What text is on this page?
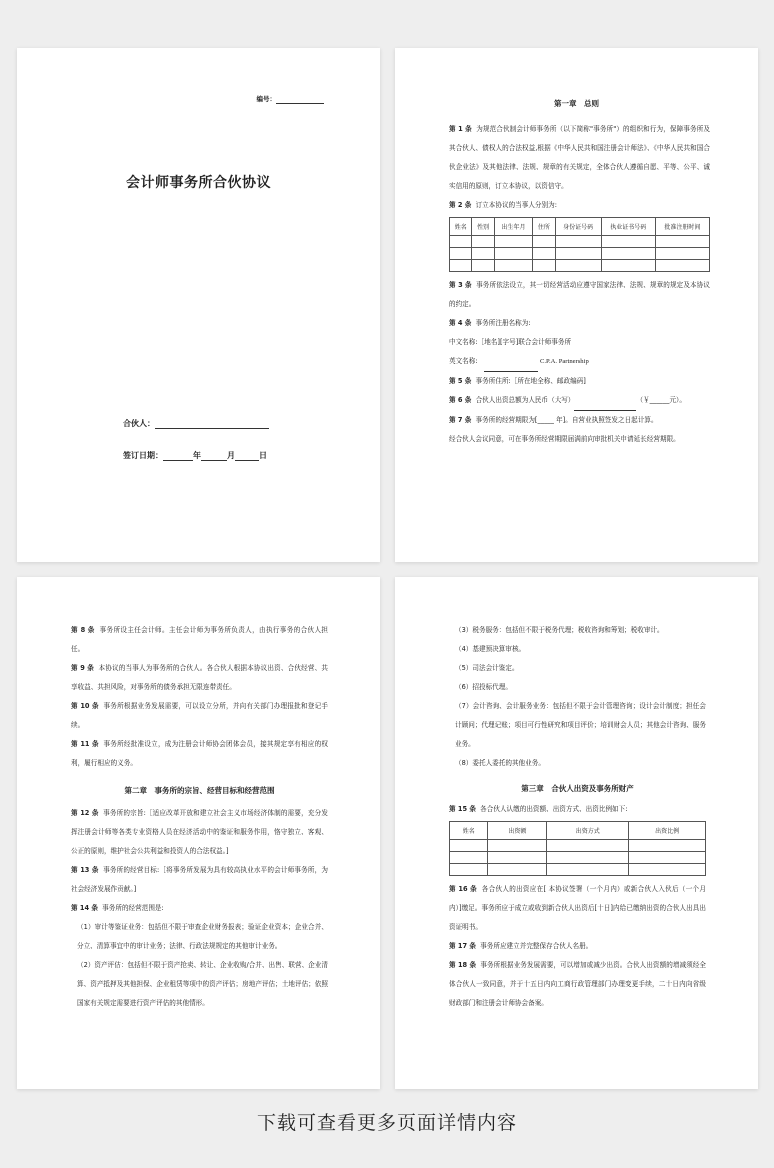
编号：
会计师事务所合伙协议
合伙人：
签订日期：	年	月	日
第一章　总则

第 1 条 为规范合伙制会计师事务所（以下简称"事务所"）的组织和行为，保障事务所及其合伙人、债权人的合法权益,根据《中华人民共和国注册会计师法》、《中华人民共和国合伙企业法》及其他法律、法规、规章的有关规定，全体合伙人遵循自愿、平等、公平、诚实信用的原则，订立本协议，以资信守。

第 2 条 订立本协议的当事人分别为:

姓名	性别	出生年月	住所	身份证号码	执业证书号码	批准注册时间

第 3 条 事务所依法设立，其一切经营活动应遵守国家法律、法规、规章的规定及本协议的约定。

第 4 条 事务所注册名称为:

中文名称:［地名][字号]联合会计师事务所

英文名称:	C.P.A. Partnership

第 5 条 事务所住所:［所在地全称、邮政编码]

第 6 条 合伙人出资总额为人民币（大写）	（￥______元）。

第 7 条 事务所的经营期限为[_____ 年]。自营业执照签发之日起计算。

经合伙人会议同意，可在事务所经营期限届满前向审批机关申请延长经营期限。

第 8 条 事务所设主任会计师。主任会计师为事务所负责人，由执行事务的合伙人担任。

第 9 条 本协议的当事人为事务所的合伙人。各合伙人根据本协议出资、合伙经营、共享收益、共担风险，对事务所的债务承担无限连带责任。

第 10 条 事务所根据业务发展需要，可以设立分所，并向有关部门办理报批和登记手续。

第 11 条 事务所经批准设立，成为注册会计师协会团体会员，接其规定享有相应的权利，履行相应的义务。

第二章　事务所的宗旨、经营目标和经营范围

第 12 条 事务所的宗旨:［适应改革开放和建立社会主义市场经济体制的需要，充分发挥注册会计师等各类专业资格人员在经济活动中的鉴证和服务作用，恪守独立、客观、公正的原则，维护社会公共利益和投资人的合法权益。]

第 13 条 事务所的经营目标:［将事务所发展为具有较高执业水平的会计师事务所，为社会经济发展作贡献。]

第 14 条 事务所的经营范围是:

（1）审计等鉴证业务：包括但不限于审查企业财务报表；验证企业资本；企业合并、分立、清算事宜中的审计业务；法律、行政法规规定的其他审计业务。

（2）资产评估：包括但不限于资产抢卖、转让、企业收购/合并、出售、联营、企业清算、资产抵押及其他担保、企业租赁等项中的资产评估；房地产评估；土地评估；依照国家有关规定需要进行资产评估的其他情形。

（3）税务服务：包括但不限于税务代理；税收咨询和筹划；税收审计。

（4）基建预决算审核。

（5）司法会计鉴定。

（6）招投标代理。

（7）会计咨询、会计服务业务：包括但不限于会计管理咨询；设计会计制度；担任会计顾问；代理记账；项目可行性研究和项目评价；培训财会人员；其他会计咨询、服务业务。

（8）委托人委托的其他业务。

第三章　合伙人出资及事务所财产

第 15 条 各合伙人认缴的出资额、出资方式、出资比例如下:

姓名	出资额	出资方式	出资比例

第 16 条 各合伙人的出资应在[ 本协议签署（一个月内）或新合伙人入伙后（一个月内）]缴足。事务所应于成立或收到新合伙人出资后[十日]内给已缴纳出资的合伙人出具出资证明书。

第 17 条 事务所应建立并完整保存合伙人名册。

第 18 条 事务所根据业务发展需要，可以增加或减少出资。合伙人出资额的增减须经全体合伙人一致同意，并于十五日内向工商行政管理部门办理变更手续，二十日内向省级财政部门和注册会计师协会备案。

下载可查看更多页面详情内容
